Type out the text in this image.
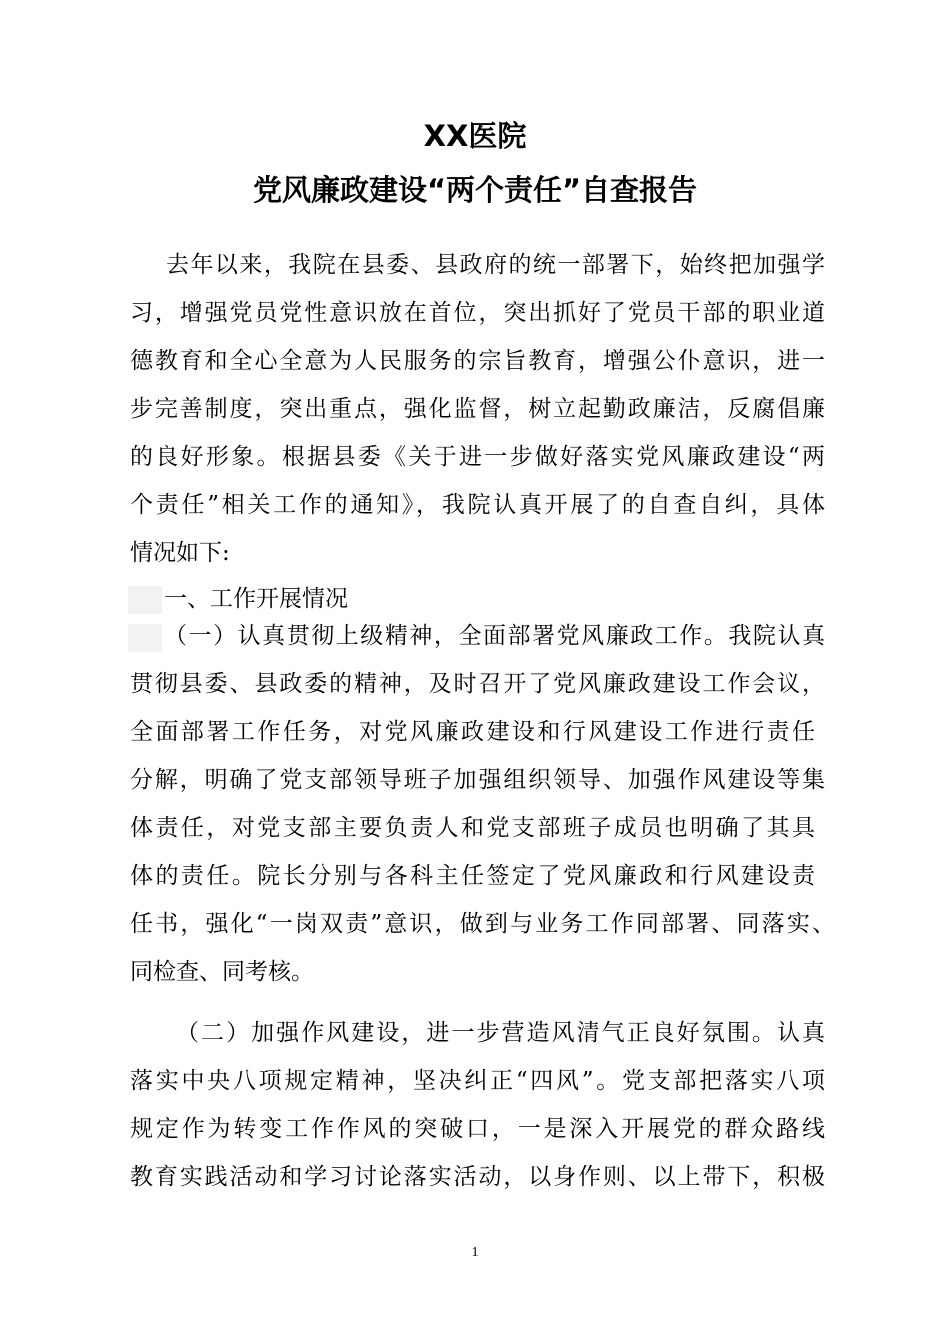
XX医院
党风廉政建设“两个责任”自查报告
去年以来，我院在县委、县政府的统一部署下，始终把加强学
习，增强党员党性意识放在首位，突出抓好了党员干部的职业道
德教育和全心全意为人民服务的宗旨教育，增强公仆意识，进一
步完善制度，突出重点，强化监督，树立起勤政廉洁，反腐倡廉
的良好形象。根据县委《关于进一步做好落实党风廉政建设“两
个责任”相关工作的通知》，我院认真开展了的自查自纠，具体
情况如下:
一、工作开展情况
（一）认真贯彻上级精神，全面部署党风廉政工作。我院认真
贯彻县委、县政委的精神，及时召开了党风廉政建设工作会议，
全面部署工作任务，对党风廉政建设和行风建设工作进行责任
分解，明确了党支部领导班子加强组织领导、加强作风建设等集
体责任，对党支部主要负责人和党支部班子成员也明确了其具
体的责任。院长分别与各科主任签定了党风廉政和行风建设责
任书，强化“一岗双责”意识，做到与业务工作同部署、同落实、
同检查、同考核。
（二）加强作风建设，进一步营造风清气正良好氛围。认真
落实中央八项规定精神，坚决纠正“四风”。党支部把落实八项
规定作为转变工作作风的突破口，一是深入开展党的群众路线
教育实践活动和学习讨论落实活动，以身作则、以上带下，积极
1
